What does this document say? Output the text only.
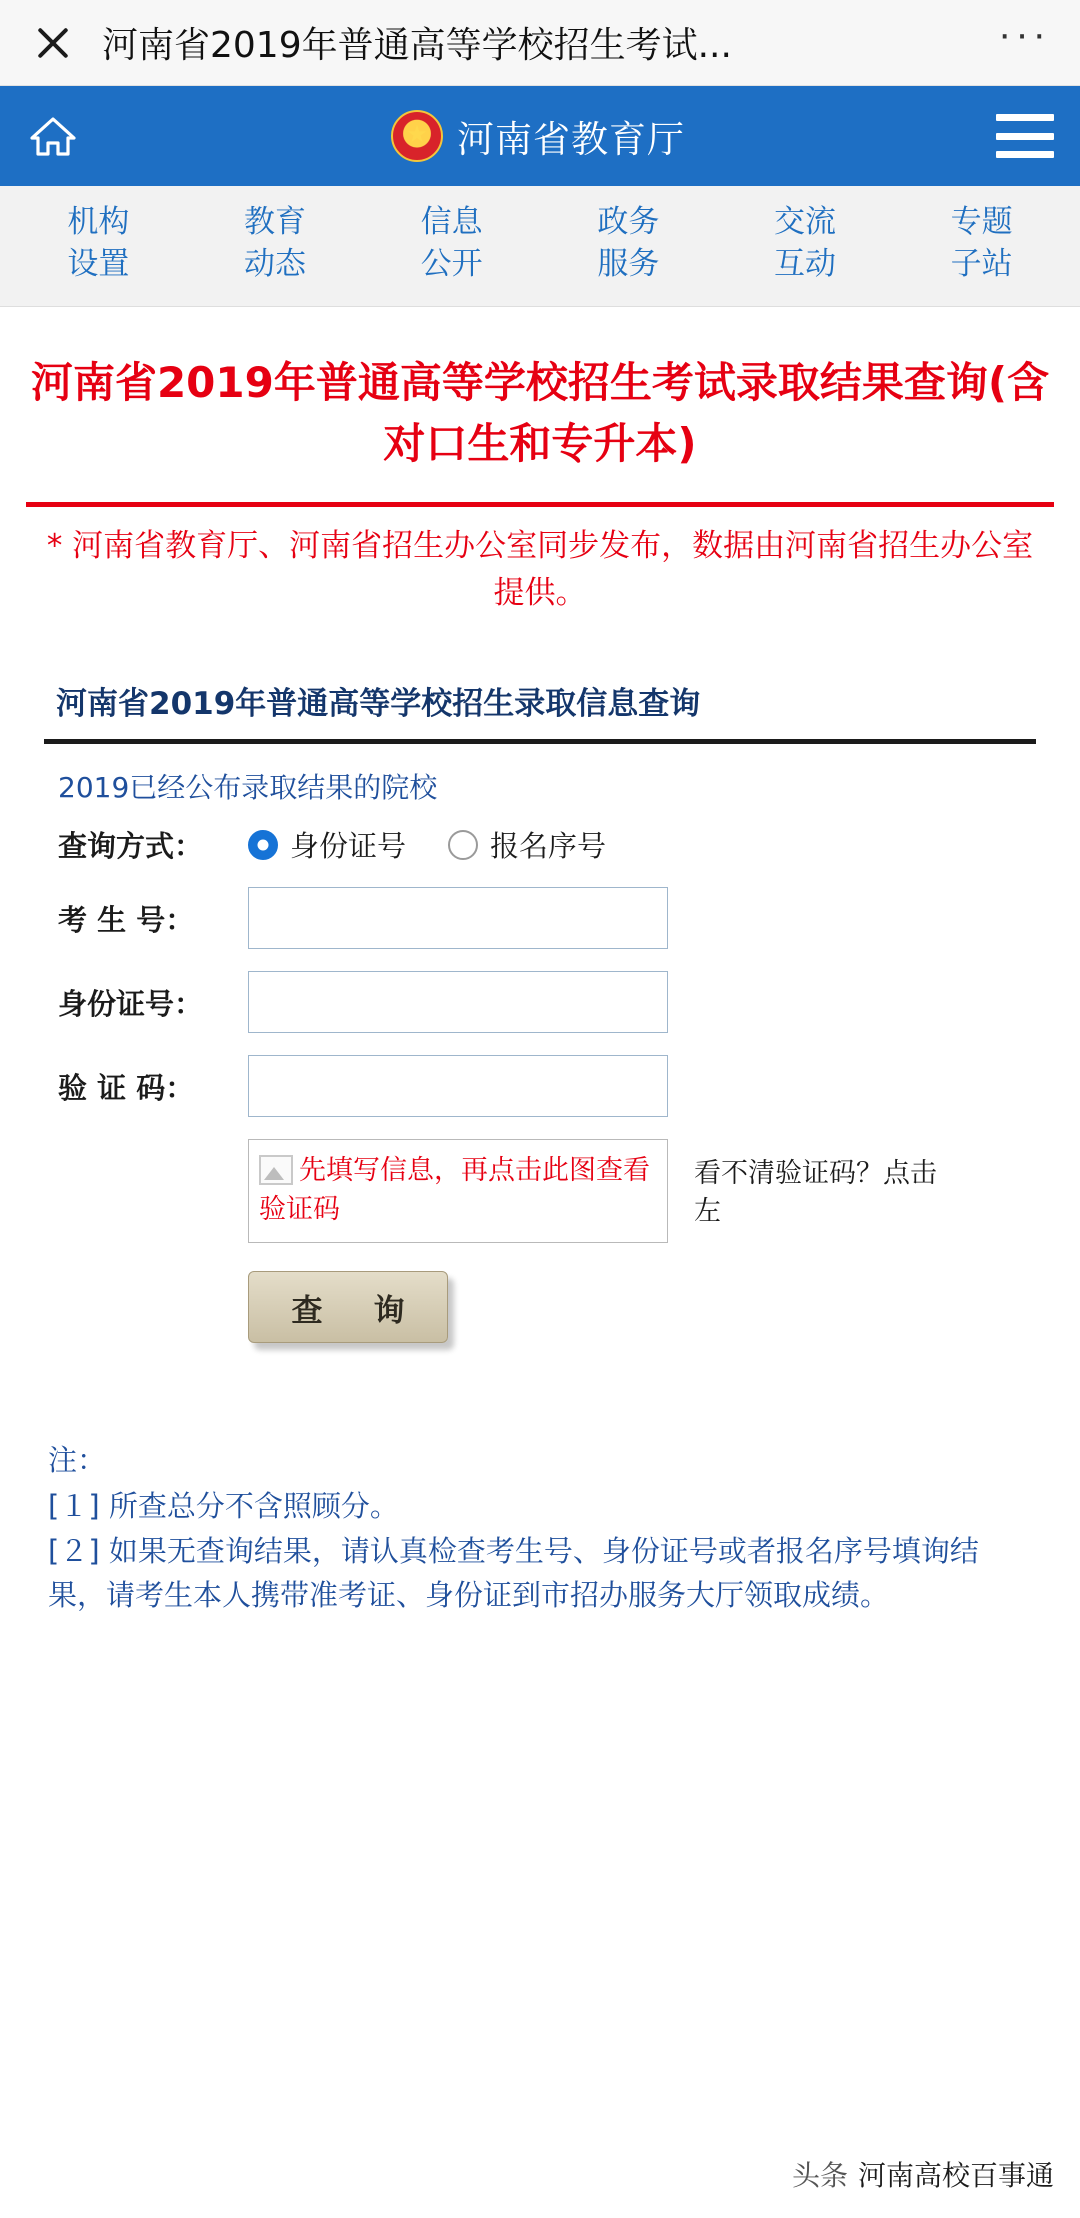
河南省2019年普通高等学校招生考试...	···
★
河南省教育厅
机构
设置
教育
动态
信息
公开
政务
服务
交流
互动
专题
子站
河南省2019年普通高等学校招生考试录取结果查询(含对口生和专升本)
* 河南省教育厅、河南省招生办公室同步发布，数据由河南省招生办公室提供。
河南省2019年普通高等学校招生录取信息查询
2019已经公布录取结果的院校
查询方式：	身份证号	报名序号
考 生 号：
身份证号：
验 证 码：
先填写信息，再点击此图查看验证码
看不清验证码？点击左
查　询
注：
[１] 所查总分不含照顾分。
[２] 如果无查询结果，请认真检查考生号、身份证号或者报名序号填询结果，请考生本人携带准考证、身份证到市招办服务大厅领取成绩。
头条 河南高校百事通
